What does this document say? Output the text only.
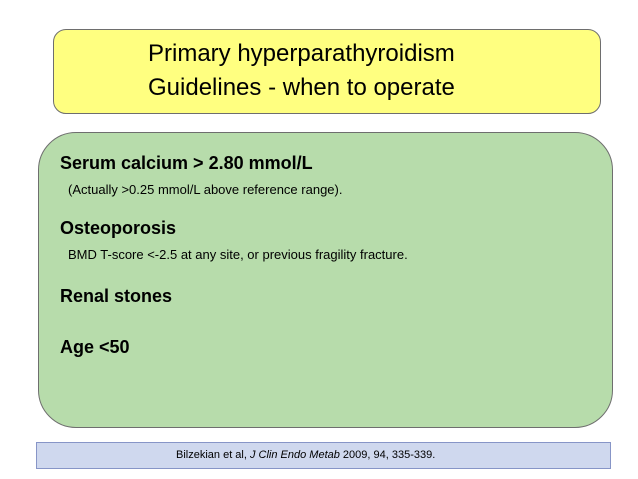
Primary hyperparathyroidism
Guidelines - when to operate
Serum calcium > 2.80 mmol/L
(Actually >0.25 mmol/L above reference range).
Osteoporosis
BMD T-score <-2.5 at any site, or previous fragility fracture.
Renal stones
Age <50
Bilzekian et al, J Clin Endo Metab 2009, 94, 335-339.
